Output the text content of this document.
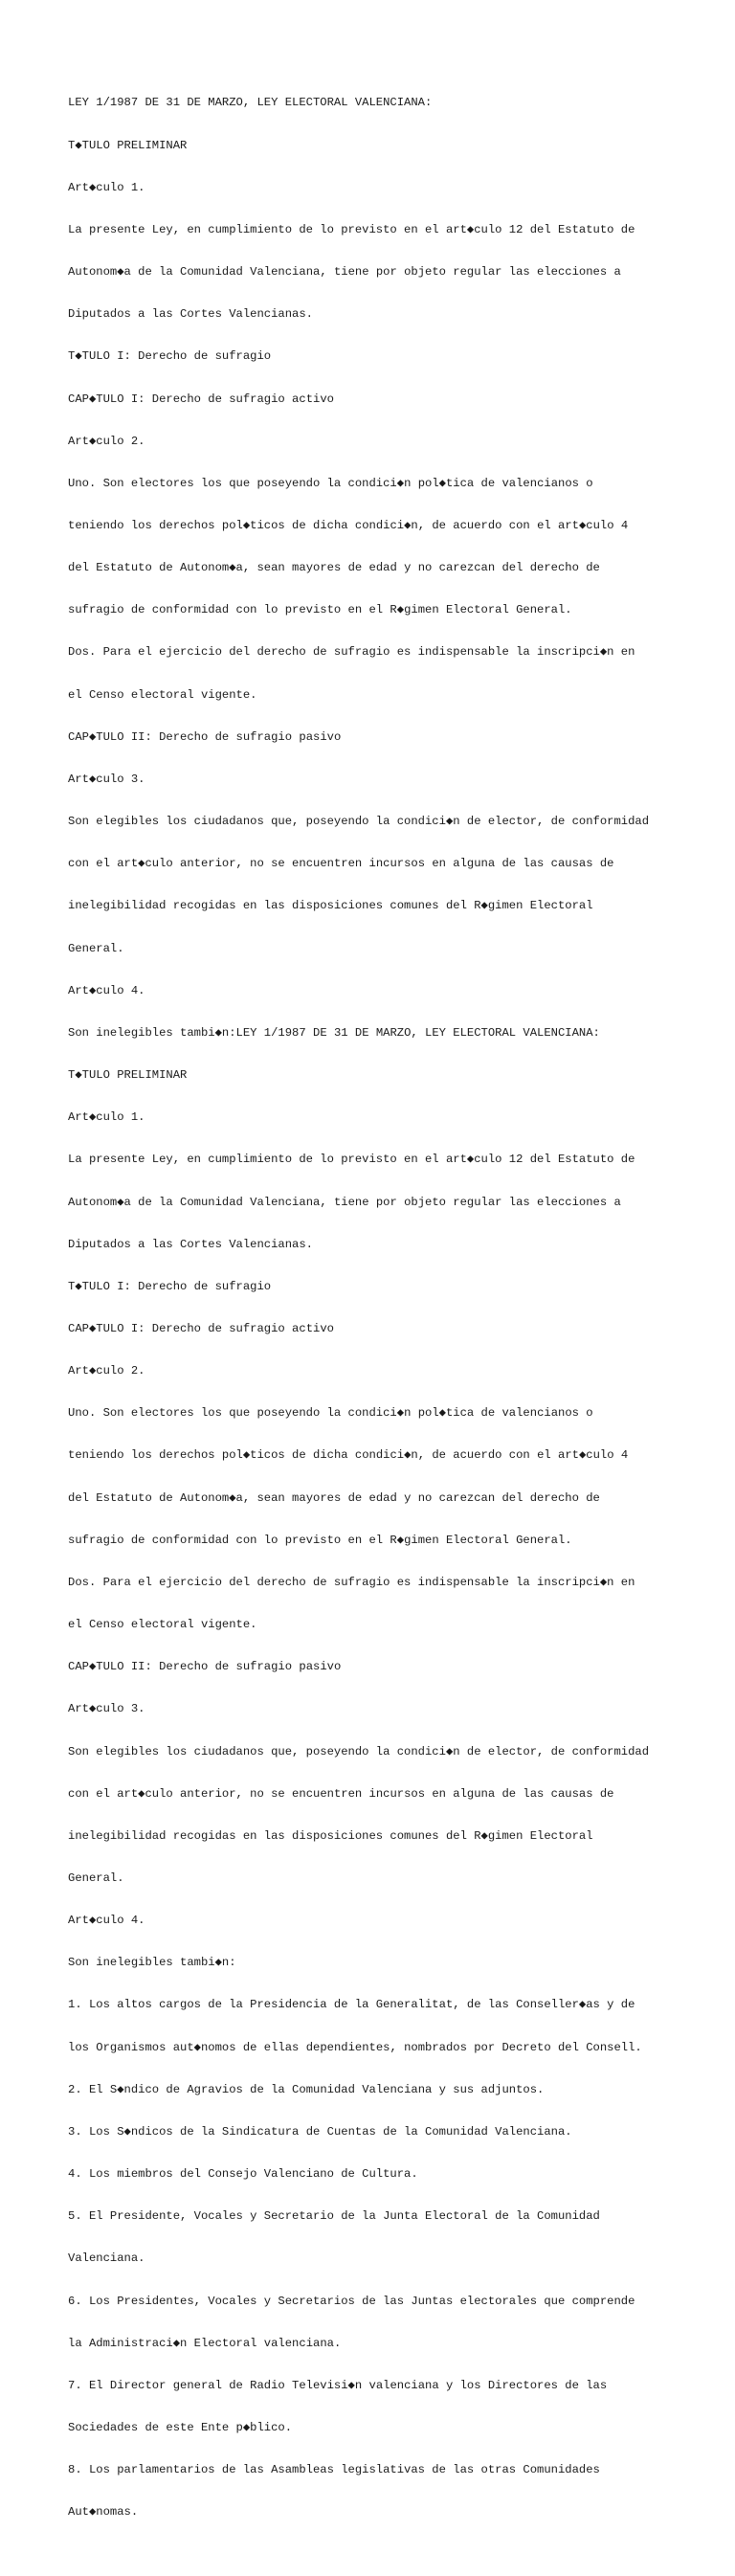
LEY 1/1987 DE 31 DE MARZO, LEY ELECTORAL VALENCIANA:

T◆TULO PRELIMINAR

Art◆culo 1.

La presente Ley, en cumplimiento de lo previsto en el art◆culo 12 del Estatuto de

Autonom◆a de la Comunidad Valenciana, tiene por objeto regular las elecciones a

Diputados a las Cortes Valencianas.

T◆TULO I: Derecho de sufragio

CAP◆TULO I: Derecho de sufragio activo

Art◆culo 2.

Uno. Son electores los que poseyendo la condici◆n pol◆tica de valencianos o

teniendo los derechos pol◆ticos de dicha condici◆n, de acuerdo con el art◆culo 4

del Estatuto de Autonom◆a, sean mayores de edad y no carezcan del derecho de

sufragio de conformidad con lo previsto en el R◆gimen Electoral General.

Dos. Para el ejercicio del derecho de sufragio es indispensable la inscripci◆n en

el Censo electoral vigente.

CAP◆TULO II: Derecho de sufragio pasivo

Art◆culo 3.

Son elegibles los ciudadanos que, poseyendo la condici◆n de elector, de conformidad

con el art◆culo anterior, no se encuentren incursos en alguna de las causas de

inelegibilidad recogidas en las disposiciones comunes del R◆gimen Electoral

General.

Art◆culo 4.

Son inelegibles tambi◆n:LEY 1/1987 DE 31 DE MARZO, LEY ELECTORAL VALENCIANA:

T◆TULO PRELIMINAR

Art◆culo 1.

La presente Ley, en cumplimiento de lo previsto en el art◆culo 12 del Estatuto de

Autonom◆a de la Comunidad Valenciana, tiene por objeto regular las elecciones a

Diputados a las Cortes Valencianas.

T◆TULO I: Derecho de sufragio

CAP◆TULO I: Derecho de sufragio activo

Art◆culo 2.

Uno. Son electores los que poseyendo la condici◆n pol◆tica de valencianos o

teniendo los derechos pol◆ticos de dicha condici◆n, de acuerdo con el art◆culo 4

del Estatuto de Autonom◆a, sean mayores de edad y no carezcan del derecho de

sufragio de conformidad con lo previsto en el R◆gimen Electoral General.

Dos. Para el ejercicio del derecho de sufragio es indispensable la inscripci◆n en

el Censo electoral vigente.

CAP◆TULO II: Derecho de sufragio pasivo

Art◆culo 3.

Son elegibles los ciudadanos que, poseyendo la condici◆n de elector, de conformidad

con el art◆culo anterior, no se encuentren incursos en alguna de las causas de

inelegibilidad recogidas en las disposiciones comunes del R◆gimen Electoral

General.

Art◆culo 4.

Son inelegibles tambi◆n:

1. Los altos cargos de la Presidencia de la Generalitat, de las Conseller◆as y de

los Organismos aut◆nomos de ellas dependientes, nombrados por Decreto del Consell.

2. El S◆ndico de Agravios de la Comunidad Valenciana y sus adjuntos.

3. Los S◆ndicos de la Sindicatura de Cuentas de la Comunidad Valenciana.

4. Los miembros del Consejo Valenciano de Cultura.

5. El Presidente, Vocales y Secretario de la Junta Electoral de la Comunidad

Valenciana.

6. Los Presidentes, Vocales y Secretarios de las Juntas electorales que comprende

la Administraci◆n Electoral valenciana.

7. El Director general de Radio Televisi◆n valenciana y los Directores de las

Sociedades de este Ente p◆blico.

8. Los parlamentarios de las Asambleas legislativas de las otras Comunidades

Aut◆nomas.
